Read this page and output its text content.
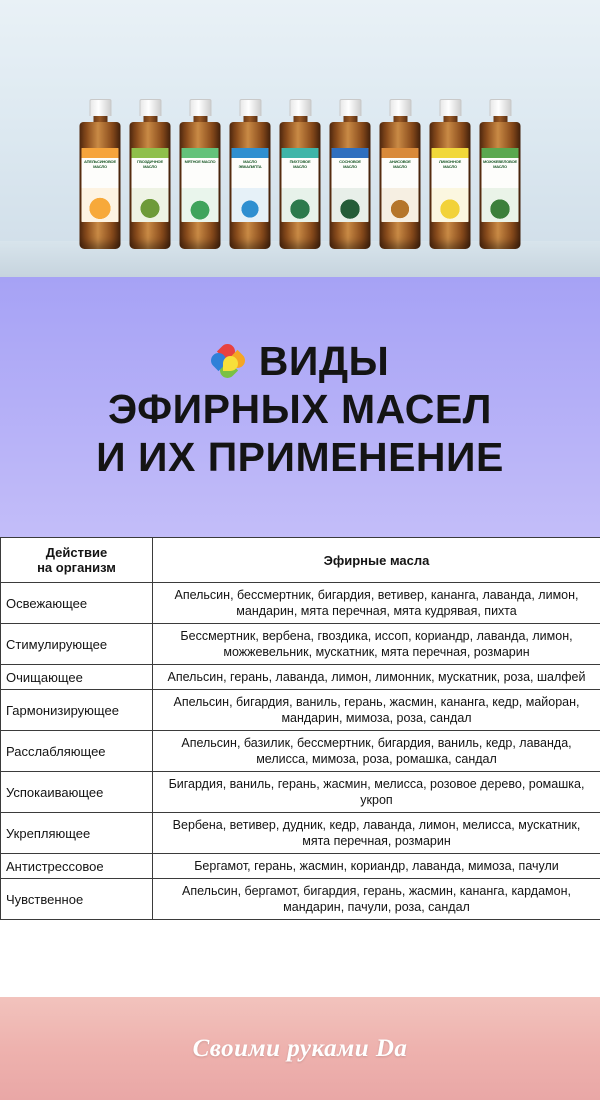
АПЕЛЬСИНОВОЕ МАСЛО
ГВОЗДИЧНОЕ МАСЛО
МЯТНОЕ МАСЛО	МАСЛО ЭВКАЛИПТА
ПИХТОВОЕ МАСЛО
СОСНОВОЕ МАСЛО
АНИСОВОЕ МАСЛО
ЛИМОННОЕ МАСЛО
МОЖЖЕВЕЛОВОЕ МАСЛО
ВИДЫ
ЭФИРНЫХ МАСЕЛ
И ИХ ПРИМЕНЕНИЕ
Действие
на организм	Эфирные масла
Освежающее	Апельсин, бессмертник, бигардия, ветивер, кананга, лаванда, лимон, мандарин, мята перечная, мята кудрявая, пихта
Стимулирующее	Бессмертник, вербена, гвоздика, иссоп, кориандр, лаванда, лимон, можжевельник, мускатник, мята перечная, розмарин
Очищающее	Апельсин, герань, лаванда, лимон, лимонник, мускатник, роза, шалфей
Гармонизирующее	Апельсин, бигардия, ваниль, герань, жасмин, кананга, кедр, майоран, мандарин, мимоза, роза, сандал
Расслабляющее	Апельсин, базилик, бессмертник, бигардия, ваниль, кедр, лаванда, мелисса, мимоза, роза, ромашка, сандал
Успокаивающее	Бигардия, ваниль, герань, жасмин, мелисса, розовое дерево, ромашка, укроп
Укрепляющее	Вербена, ветивер, дудник, кедр, лаванда, лимон, мелисса, мускатник, мята перечная, розмарин
Антистрессовое	Бергамот, герань, жасмин, кориандр, лаванда, мимоза, пачули
Чувственное	Апельсин, бергамот, бигардия, герань, жасмин, кананга, кардамон, мандарин, пачули, роза, сандал
Своими руками Da
